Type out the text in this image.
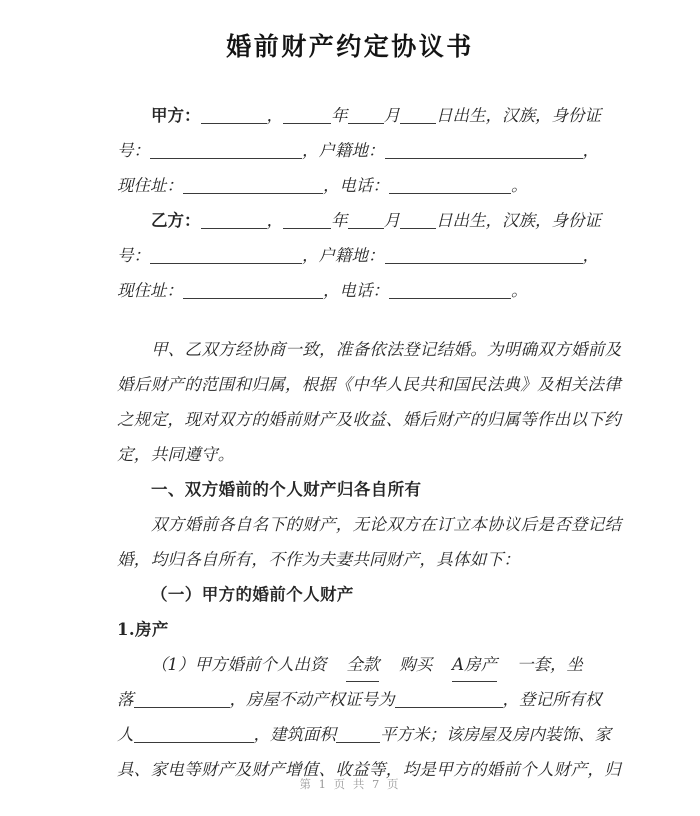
婚前财产约定协议书
甲方：	，	年 月 日出生，汉族，身份证
号：	，户籍地：	，
现住址：	，电话：	。
乙方：	，	年 月 日出生，汉族，身份证
号：	，户籍地：	，
现住址：	，电话：	。
甲、乙双方经协商一致，准备依法登记结婚。为明确双方婚前及
婚后财产的范围和归属，根据《中华人民共和国民法典》及相关法律
之规定，现对双方的婚前财产及收益、婚后财产的归属等作出以下约
定，共同遵守。
一、双方婚前的个人财产归各自所有
双方婚前各自名下的财产，无论双方在订立本协议后是否登记结
婚，均归各自所有，不作为夫妻共同财产，具体如下：
（一）甲方的婚前个人财产
1.房产
（1）甲方婚前个人出资 全款 购买 A房产 一套，坐
落	，房屋不动产权证号为	，登记所有权
人	，建筑面积	平方米；该房屋及房内装饰、家
具、家电等财产及财产增值、收益等，均是甲方的婚前个人财产，归
第 1 页 共 7 页
